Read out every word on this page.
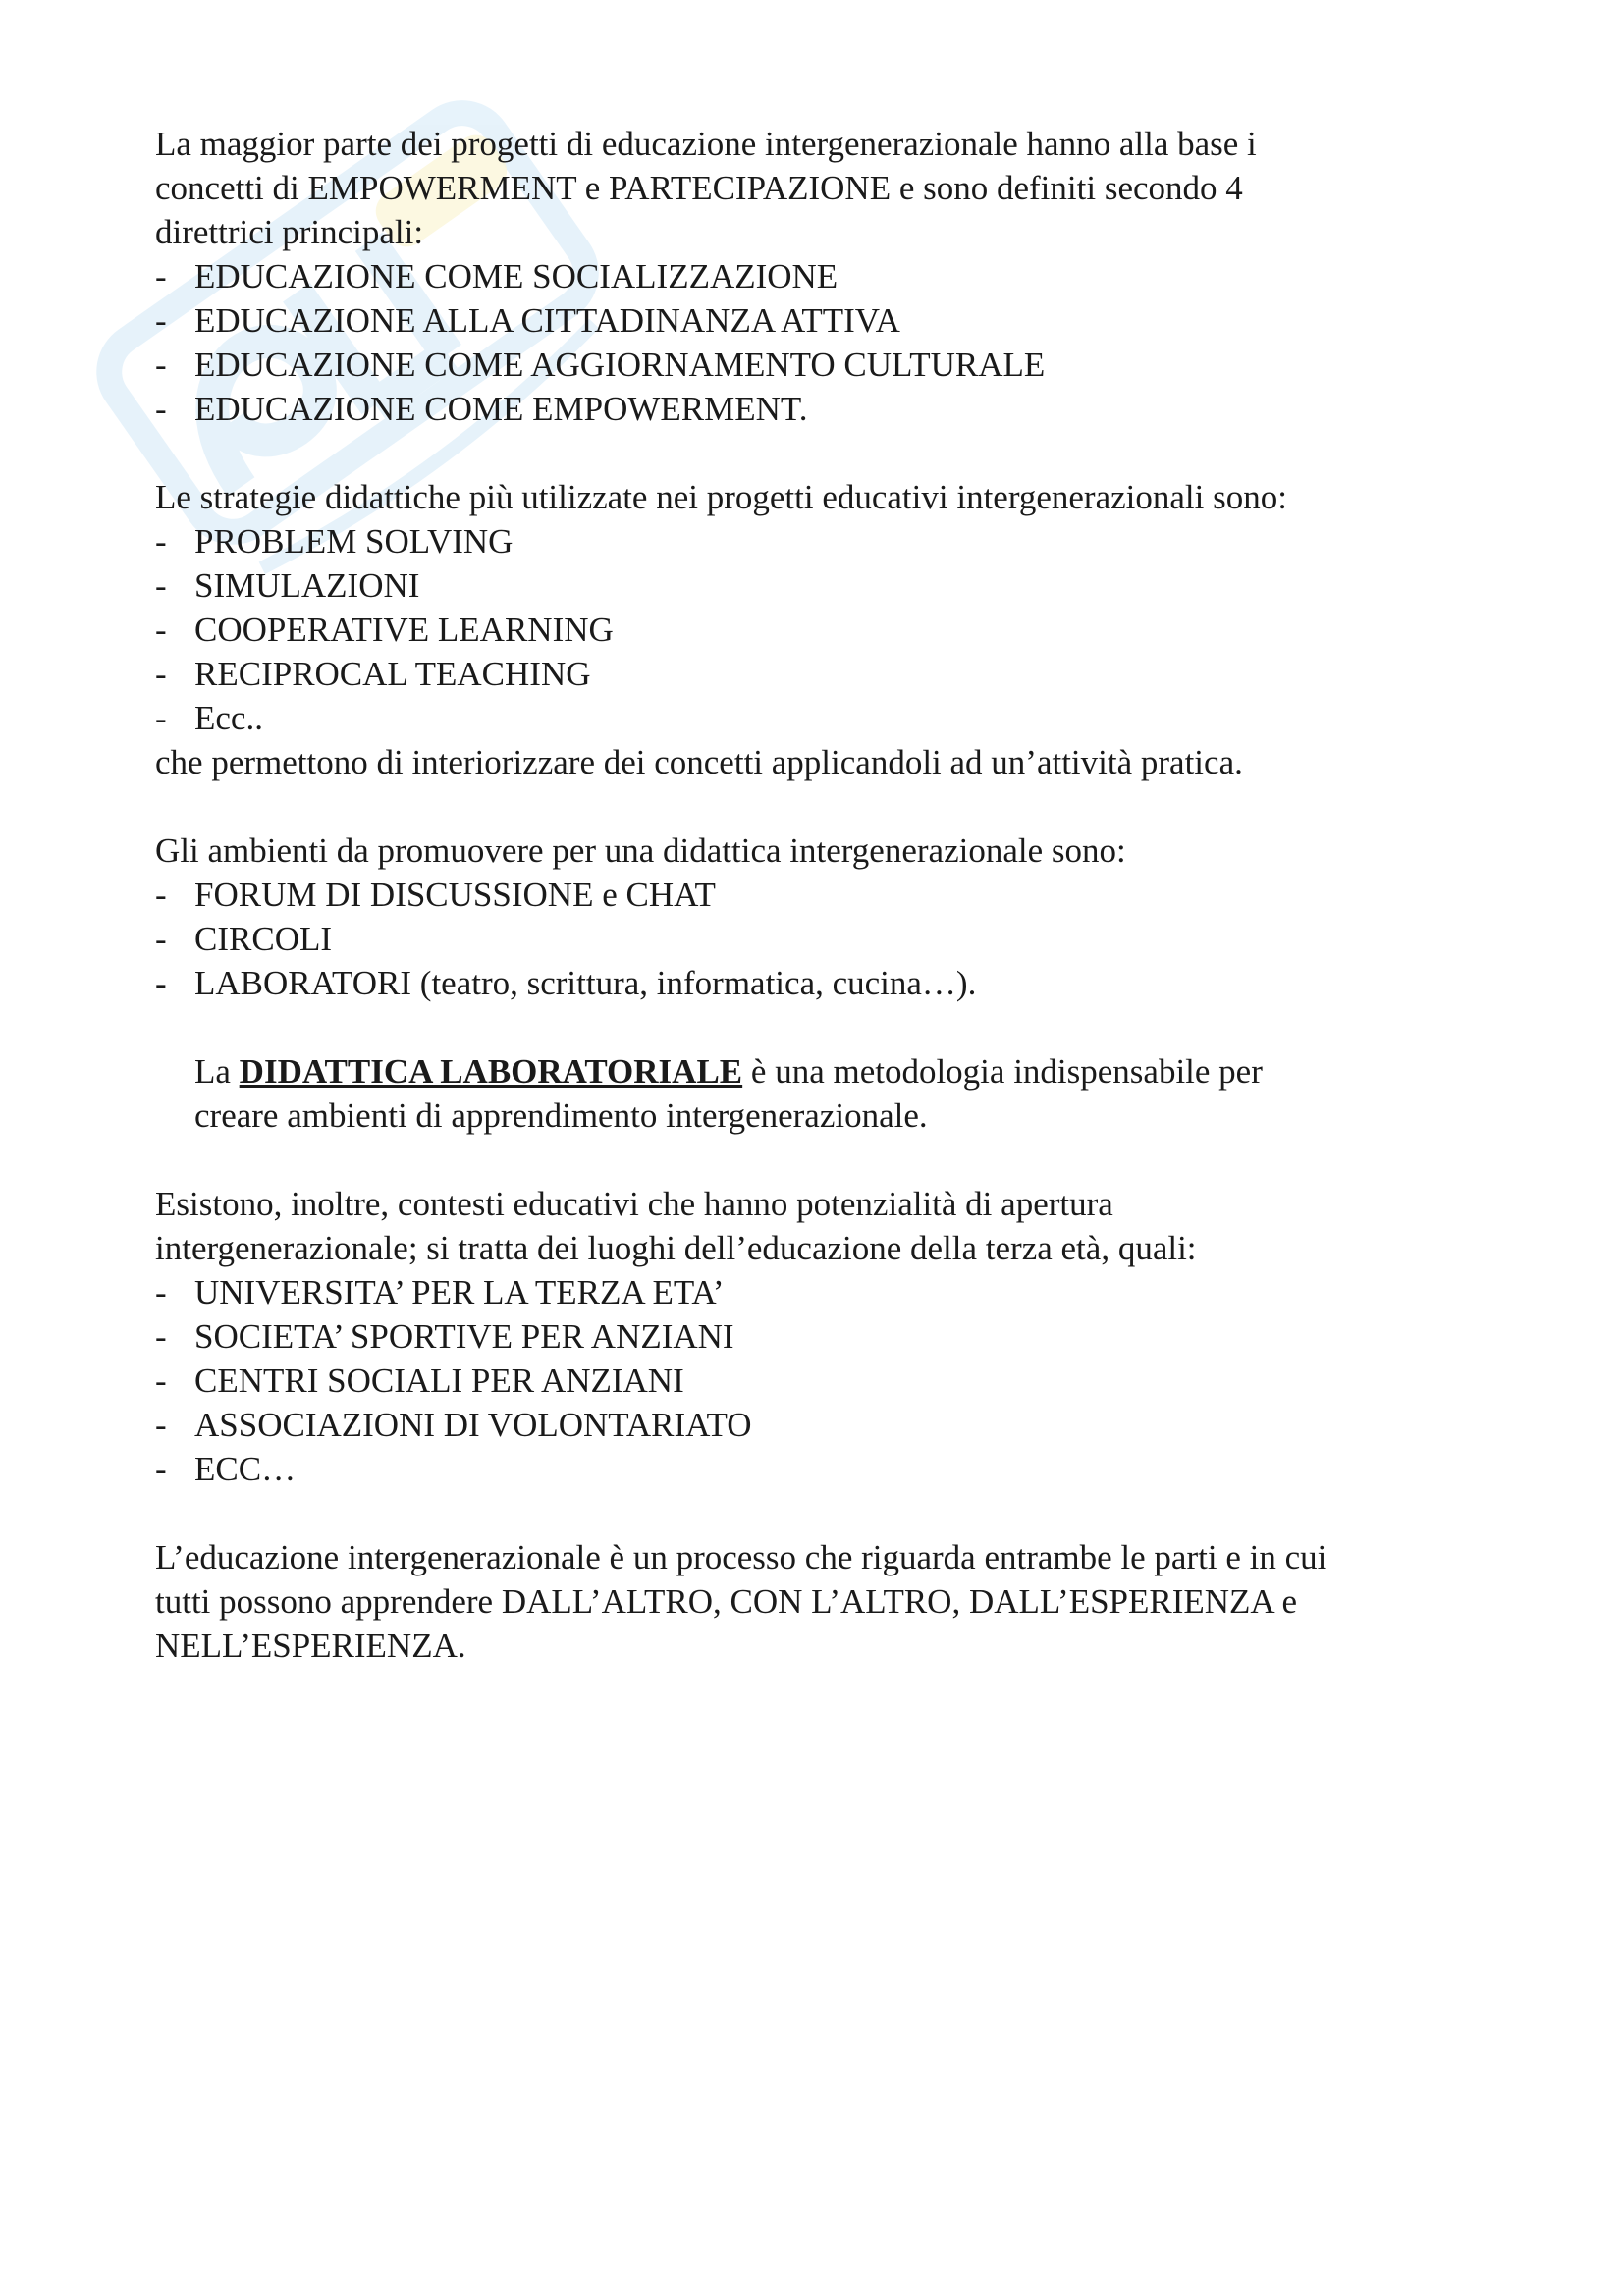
La maggior parte dei progetti di educazione intergenerazionale hanno alla base i

concetti di EMPOWERMENT e PARTECIPAZIONE e sono definiti secondo 4

direttrici principali:

- EDUCAZIONE COME SOCIALIZZAZIONE
- EDUCAZIONE ALLA CITTADINANZA ATTIVA
- EDUCAZIONE COME AGGIORNAMENTO CULTURALE
- EDUCAZIONE COME EMPOWERMENT.

Le strategie didattiche più utilizzate nei progetti educativi intergenerazionali sono:

- PROBLEM SOLVING
- SIMULAZIONI
- COOPERATIVE LEARNING
- RECIPROCAL TEACHING
- Ecc..

che permettono di interiorizzare dei concetti applicandoli ad un’attività pratica.

Gli ambienti da promuovere per una didattica intergenerazionale sono:

- FORUM DI DISCUSSIONE e CHAT
- CIRCOLI
- LABORATORI (teatro, scrittura, informatica, cucina…).

La DIDATTICA LABORATORIALE è una metodologia indispensabile per

creare ambienti di apprendimento intergenerazionale.

Esistono, inoltre, contesti educativi che hanno potenzialità di apertura

intergenerazionale; si tratta dei luoghi dell’educazione della terza età, quali:

- UNIVERSITA’ PER LA TERZA ETA’
- SOCIETA’ SPORTIVE PER ANZIANI
- CENTRI SOCIALI PER ANZIANI
- ASSOCIAZIONI DI VOLONTARIATO
- ECC…

L’educazione intergenerazionale è un processo che riguarda entrambe le parti e in cui

tutti possono apprendere DALL’ALTRO, CON L’ALTRO, DALL’ESPERIENZA e

NELL’ESPERIENZA.
